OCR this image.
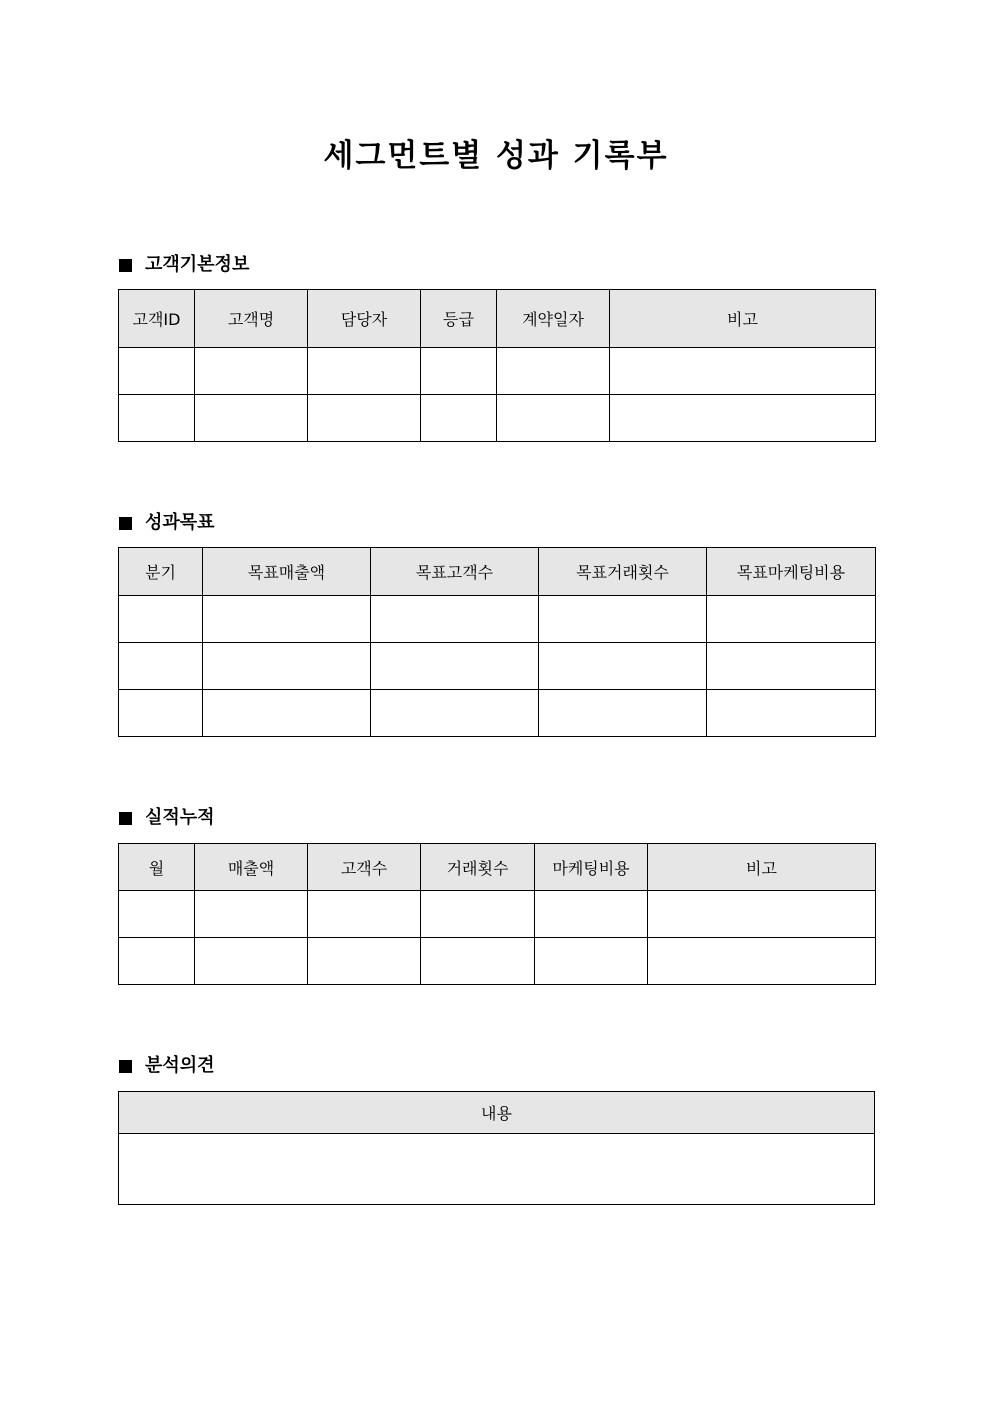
세그먼트별 성과 기록부
고객기본정보
고객ID	고객명	담당자	등급	계약일자	비고

성과목표
분기	목표매출액	목표고객수	목표거래횟수	목표마케팅비용

실적누적
월	매출액	고객수	거래횟수	마케팅비용	비고

분석의견
내용
